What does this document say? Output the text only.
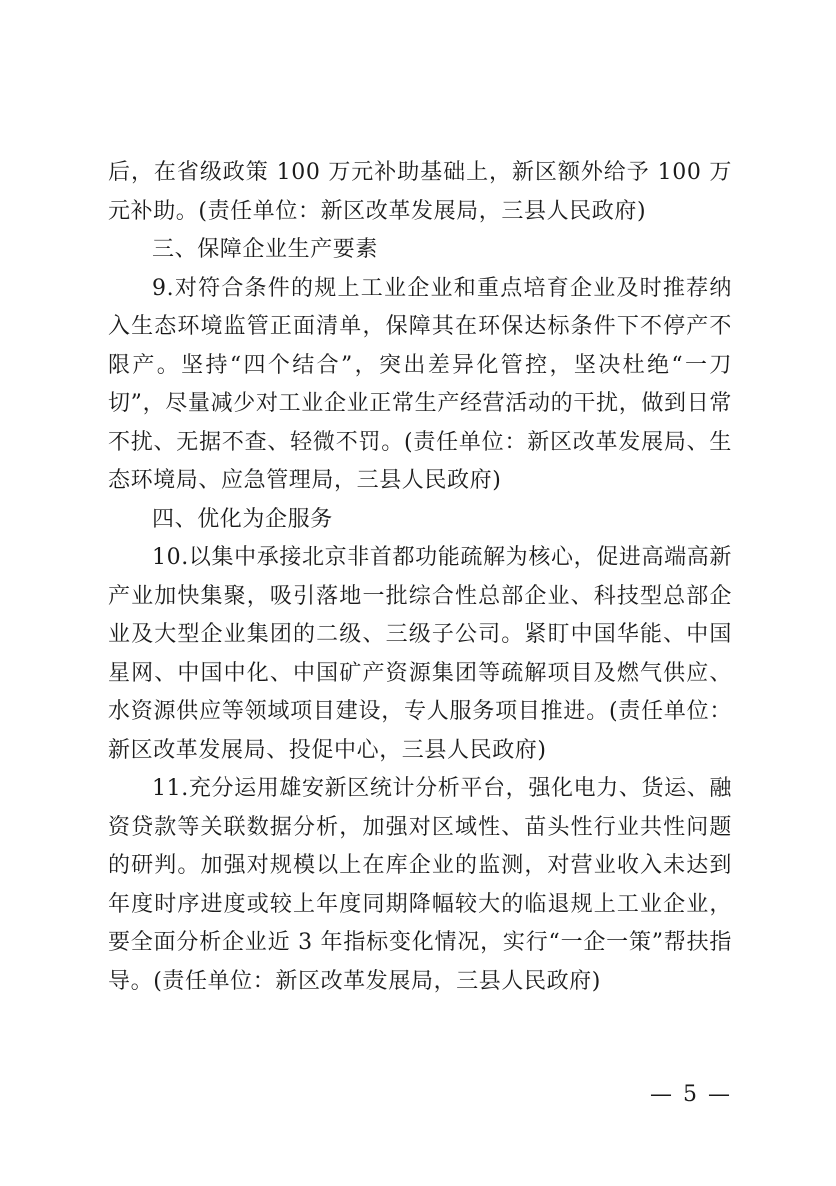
后，在省级政策 100 万元补助基础上，新区额外给予 100 万元补助。(责任单位：新区改革发展局，三县人民政府)

三、保障企业生产要素

9.对符合条件的规上工业企业和重点培育企业及时推荐纳入生态环境监管正面清单，保障其在环保达标条件下不停产不限产。坚持“四个结合”，突出差异化管控，坚决杜绝“一刀切”，尽量减少对工业企业正常生产经营活动的干扰，做到日常不扰、无据不查、轻微不罚。(责任单位：新区改革发展局、生态环境局、应急管理局，三县人民政府)

四、优化为企服务

10.以集中承接北京非首都功能疏解为核心，促进高端高新产业加快集聚，吸引落地一批综合性总部企业、科技型总部企业及大型企业集团的二级、三级子公司。紧盯中国华能、中国星网、中国中化、中国矿产资源集团等疏解项目及燃气供应、水资源供应等领域项目建设，专人服务项目推进。(责任单位：新区改革发展局、投促中心，三县人民政府)

11.充分运用雄安新区统计分析平台，强化电力、货运、融资贷款等关联数据分析，加强对区域性、苗头性行业共性问题的研判。加强对规模以上在库企业的监测，对营业收入未达到年度时序进度或较上年度同期降幅较大的临退规上工业企业，要全面分析企业近 3 年指标变化情况，实行“一企一策”帮扶指导。(责任单位：新区改革发展局，三县人民政府)

— 5 —
